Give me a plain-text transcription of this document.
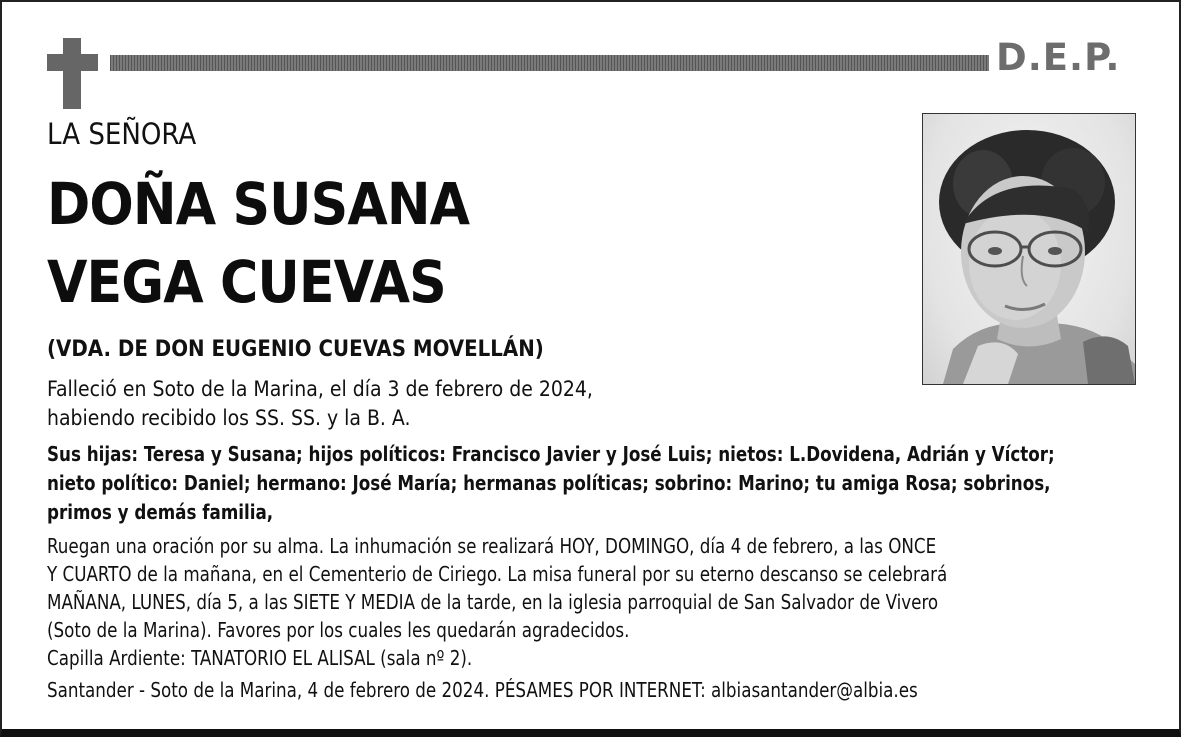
D.E.P.
LA SEÑORA
DOÑA SUSANA
VEGA CUEVAS
(VDA. DE DON EUGENIO CUEVAS MOVELLÁN)
Falleció en Soto de la Marina, el día 3 de febrero de 2024,
habiendo recibido los SS. SS. y la B. A.
Sus hijas: Teresa y Susana; hijos políticos: Francisco Javier y José Luis; nietos: L.Dovidena, Adrián y Víctor;
nieto político: Daniel; hermano: José María; hermanas políticas; sobrino: Marino; tu amiga Rosa; sobrinos,
primos y demás familia,
Ruegan una oración por su alma. La inhumación se realizará HOY, DOMINGO, día 4 de febrero, a las ONCE
Y CUARTO de la mañana, en el Cementerio de Ciriego. La misa funeral por su eterno descanso se celebrará
MAÑANA, LUNES, día 5, a las SIETE Y MEDIA de la tarde, en la iglesia parroquial de San Salvador de Vivero
(Soto de la Marina). Favores por los cuales les quedarán agradecidos.
Capilla Ardiente: TANATORIO EL ALISAL (sala nº 2).
Santander - Soto de la Marina, 4 de febrero de 2024. PÉSAMES POR INTERNET: albiasantander@albia.es
